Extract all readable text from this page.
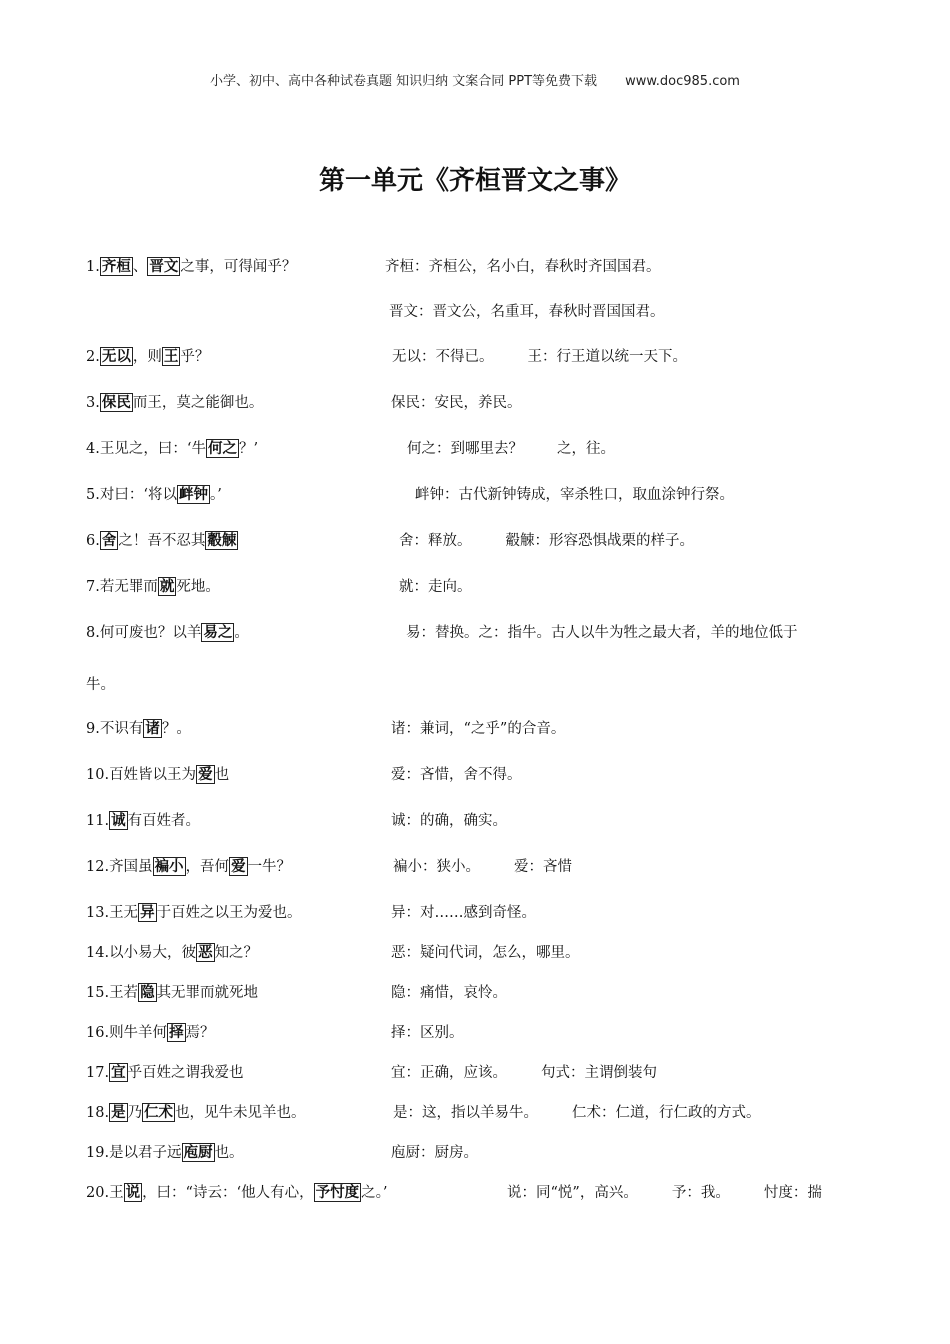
小学、初中、高中各种试卷真题 知识归纳 文案合同 PPT等免费下载 www.doc985.com
第一单元《齐桓晋文之事》
1. 齐桓 、 晋文 之事，可得闻乎？	齐桓：齐桓公，名小白，春秋时齐国国君。
晋文：晋文公，名重耳，春秋时晋国国君。
2. 无以 ，则 王 乎？	无以：不得已。 王：行王道以统一天下。
3. 保民 而王，莫之能御也。	保民：安民，养民。
4.王见之，曰：‘牛 何之 ？’	何之：到哪里去？ 之，往。
5.对曰：‘将以 衅钟 。’	衅钟：古代新钟铸成，宰杀牲口，取血涂钟行祭。
6. 舍 之！吾不忍其 觳觫	舍：释放。 觳觫：形容恐惧战栗的样子。
7.若无罪而 就 死地。	就：走向。
8.何可废也？以羊 易之 。	易：替换。之：指牛。古人以牛为牲之最大者，羊的地位低于
牛。
9.不识有 诸 ？。	诸：兼词，“之乎”的合音。
10.百姓皆以王为 爱 也	爱：吝惜，舍不得。
11. 诚 有百姓者。	诚：的确，确实。
12.齐国虽 褊小 ，吾何 爱 一牛？	褊小：狭小。 爱：吝惜
13.王无 异 于百姓之以王为爱也。	异：对……感到奇怪。
14.以小易大，彼 恶 知之？	恶：疑问代词，怎么，哪里。
15.王若 隐 其无罪而就死地	隐：痛惜，哀怜。
16.则牛羊何 择 焉？	择：区别。
17. 宜 乎百姓之谓我爱也	宜：正确，应该。 句式：主谓倒装句
18. 是 乃 仁术 也，见牛未见羊也。	是：这，指以羊易牛。 仁术：仁道，行仁政的方式。
19.是以君子远 庖厨 也。	庖厨：厨房。
20.王 说 ，曰：“诗云：‘他人有心， 予忖度 之。’	说：同“悦”，高兴。 予：我。 忖度：揣
